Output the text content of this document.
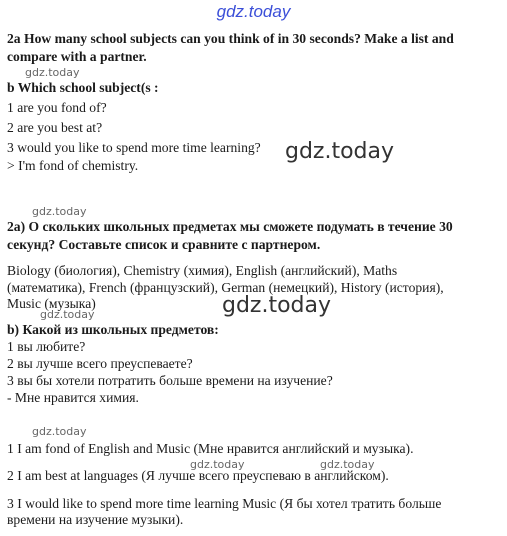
gdz.today
gdz.today
gdz.today
gdz.today
gdz.today
gdz.today
gdz.today
gdz.today	gdz.today
2a How many school subjects can you think of in 30 seconds? Make a list and
compare with a partner.
b Which school subject(s :
1 are you fond of?
2 are you best at?
3 would you like to spend more time learning?
> I'm fond of chemistry.
2а) О скольких школьных предметах мы сможете подумать в течение 30
секунд? Составьте список и сравните с партнером.
Biology (биология), Chemistry (химия), English (английский), Maths
(математика), French (французский), German (немецкий), History (история),
Music (музыка)
b) Какой из школьных предметов:
1 вы любите?
2 вы лучше всего преуспеваете?
3 вы бы хотели потратить больше времени на изучение?
- Мне нравится химия.
1 I am fond of English and Music (Мне нравится английский и музыка).
2 I am best at languages (Я лучше всего преуспеваю в английском).
3 I would like to spend more time learning Music (Я бы хотел тратить больше
времени на изучение музыки).
